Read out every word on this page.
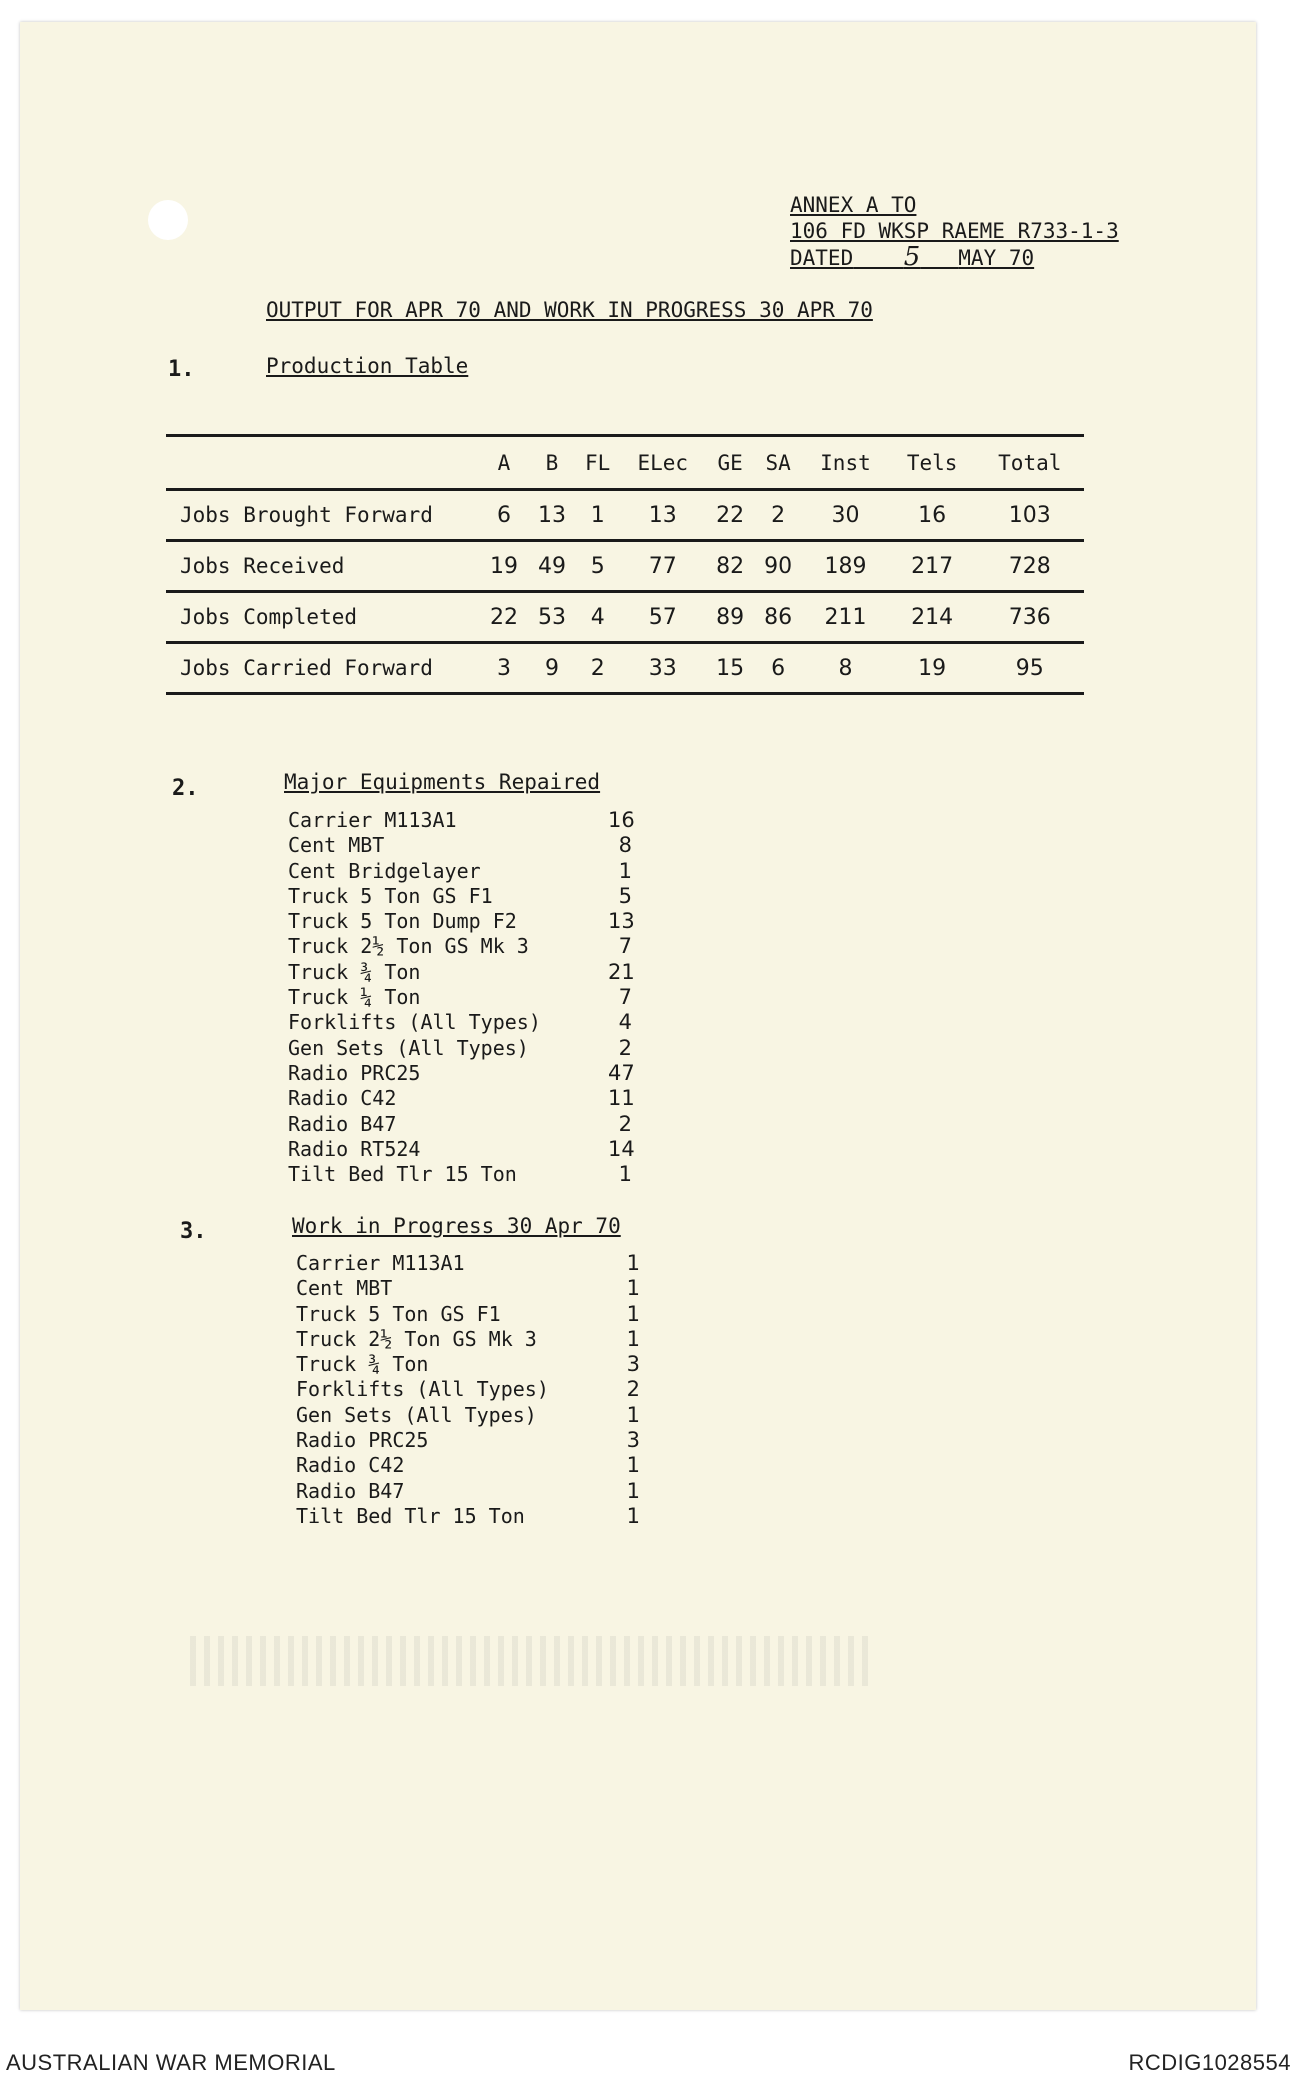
ANNEX A TO
106 FD WKSP RAEME R733-1-3
DATED 5 MAY 70
OUTPUT FOR APR 70 AND WORK IN PROGRESS 30 APR 70
1.	Production Table
	A	B	FL	ELec	GE	SA	Inst	Tels	Total
Jobs Brought Forward	6	13	1	13	22	2	30	16	103
Jobs Received	19	49	5	77	82	90	189	217	728
Jobs Completed	22	53	4	57	89	86	211	214	736
Jobs Carried Forward	3	9	2	33	15	6	8	19	95
2.	Major Equipments Repaired
Carrier M113A1	16
Cent MBT	8
Cent Bridgelayer	1
Truck 5 Ton GS F1	5
Truck 5 Ton Dump F2	13
Truck 2½ Ton GS Mk 3	7
Truck ¾ Ton	21
Truck ¼ Ton	7
Forklifts (All Types)	4
Gen Sets (All Types)	2
Radio PRC25	47
Radio C42	11
Radio B47	2
Radio RT524	14
Tilt Bed Tlr 15 Ton	1
3.	Work in Progress 30 Apr 70
Carrier M113A1	1
Cent MBT	1
Truck 5 Ton GS F1	1
Truck 2½ Ton GS Mk 3	1
Truck ¾ Ton	3
Forklifts (All Types)	2
Gen Sets (All Types)	1
Radio PRC25	3
Radio C42	1
Radio B47	1
Tilt Bed Tlr 15 Ton	1
AUSTRALIAN WAR MEMORIAL	RCDIG1028554
